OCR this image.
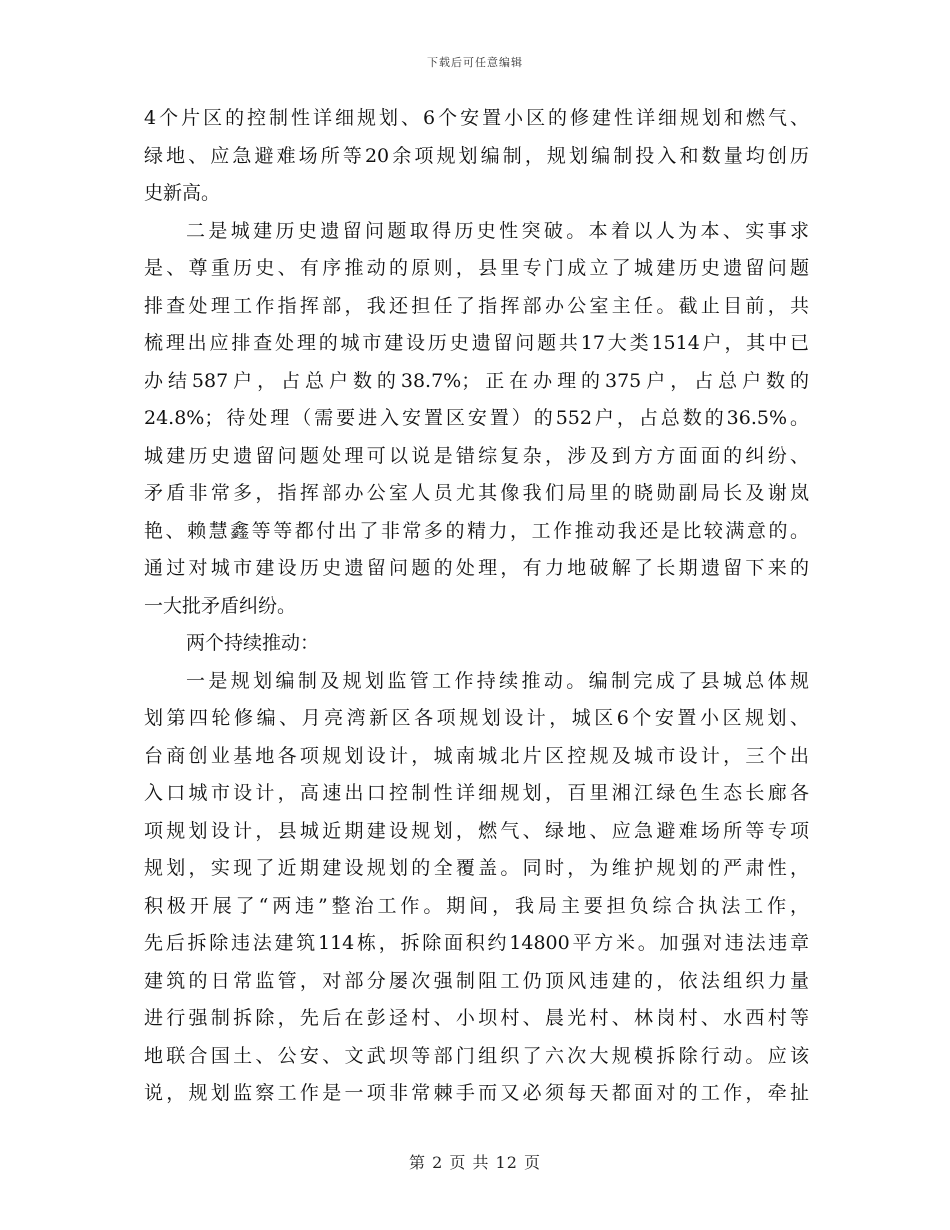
下载后可任意编辑
4个片区的控制性详细规划、6个安置小区的修建性详细规划和燃气、
绿地、应急避难场所等20余项规划编制，规划编制投入和数量均创历
史新高。
二是城建历史遗留问题取得历史性突破。本着以人为本、实事求
是、尊重历史、有序推动的原则，县里专门成立了城建历史遗留问题
排查处理工作指挥部，我还担任了指挥部办公室主任。截止目前，共
梳理出应排查处理的城市建设历史遗留问题共17大类1514户，其中已
办结587户，占总户数的38.7%；正在办理的375户，占总户数的
24.8%；待处理（需要进入安置区安置）的552户，占总数的36.5%。
城建历史遗留问题处理可以说是错综复杂，涉及到方方面面的纠纷、
矛盾非常多，指挥部办公室人员尤其像我们局里的晓勋副局长及谢岚
艳、赖慧鑫等等都付出了非常多的精力，工作推动我还是比较满意的。
通过对城市建设历史遗留问题的处理，有力地破解了长期遗留下来的
一大批矛盾纠纷。
两个持续推动：
一是规划编制及规划监管工作持续推动。编制完成了县城总体规
划第四轮修编、月亮湾新区各项规划设计，城区6个安置小区规划、
台商创业基地各项规划设计，城南城北片区控规及城市设计，三个出
入口城市设计，高速出口控制性详细规划，百里湘江绿色生态长廊各
项规划设计，县城近期建设规划，燃气、绿地、应急避难场所等专项
规划，实现了近期建设规划的全覆盖。同时，为维护规划的严肃性，
积极开展了“两违”整治工作。期间，我局主要担负综合执法工作，
先后拆除违法建筑114栋，拆除面积约14800平方米。加强对违法违章
建筑的日常监管，对部分屡次强制阻工仍顶风违建的，依法组织力量
进行强制拆除，先后在彭迳村、小坝村、晨光村、林岗村、水西村等
地联合国土、公安、文武坝等部门组织了六次大规模拆除行动。应该
说，规划监察工作是一项非常棘手而又必须每天都面对的工作，牵扯
第 2 页 共 12 页
